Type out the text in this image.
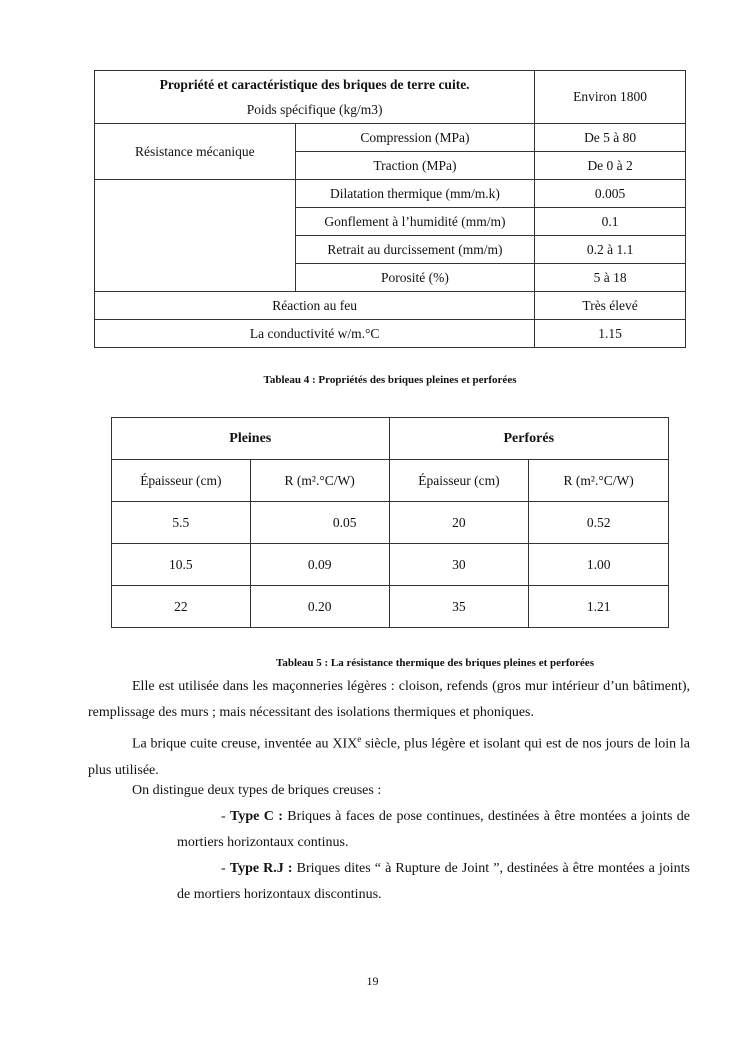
Propriété et caractéristique des briques de terre cuite.
Poids spécifique (kg/m3)		Environ 1800
Résistance mécanique	Compression (MPa)	De 5 à 80
	Traction (MPa)	De 0 à 2
	Dilatation thermique (mm/m.k)	0.005
	Gonflement à l’humidité (mm/m)	0.1
	Retrait au durcissement (mm/m)	0.2 à 1.1
	Porosité (%)	5 à 18
Réaction au feu		Très élevé
La conductivité w/m.°C		1.15
Tableau 4 : Propriétés des briques pleines et perforées
Pleines		Perforés	
Épaisseur (cm)	R (m².°C/W)	Épaisseur (cm)	R (m².°C/W)
5.5	0.05	20	0.52
10.5	0.09	30	1.00
22	0.20	35	1.21
Tableau 5 : La résistance thermique des briques pleines et perforées
Elle est utilisée dans les maçonneries légères : cloison, refends (gros mur intérieur d’un bâtiment), remplissage des murs ; mais nécessitant des isolations thermiques et phoniques.
La brique cuite creuse, inventée au XIXe siècle, plus légère et isolant qui est de nos jours de loin la plus utilisée.
On distingue deux types de briques creuses :
- Type C : Briques à faces de pose continues, destinées à être montées a joints de mortiers horizontaux continus.
- Type R.J : Briques dites “ à Rupture de Joint ”, destinées à être montées a joints de mortiers horizontaux discontinus.
19
